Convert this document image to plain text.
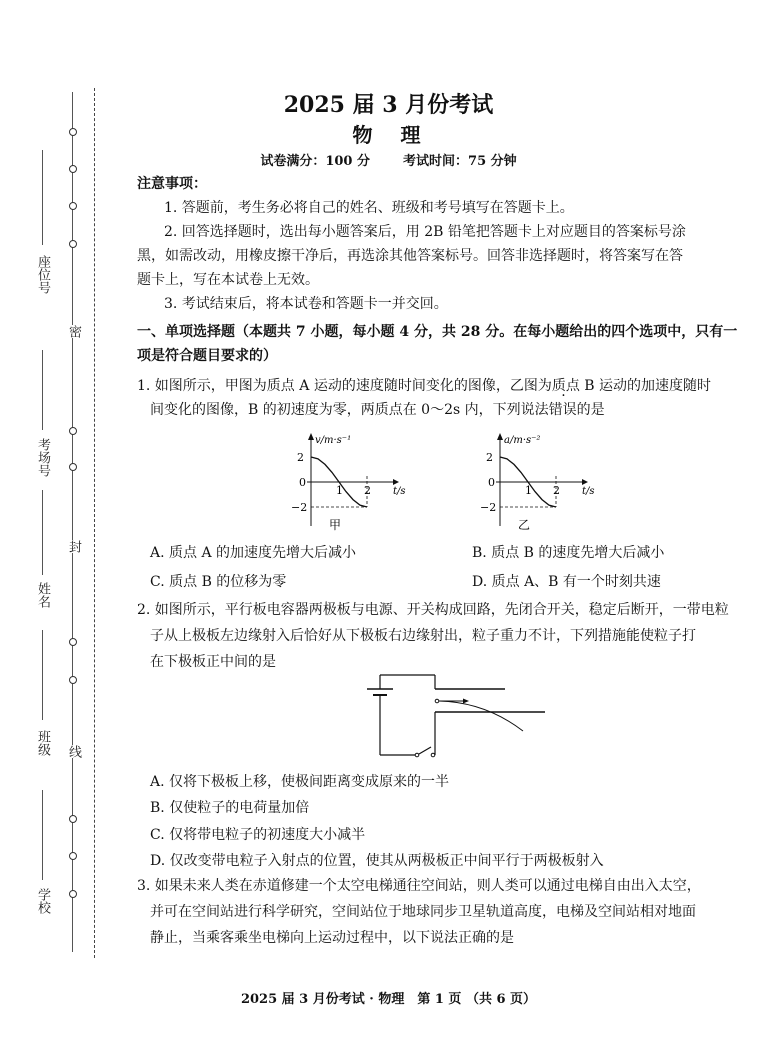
座位号
密
考场号
封
姓名
班级 线
学校
2025 届 3 月份考试
物　理
试卷满分：100 分	考试时间：75 分钟
注意事项：
1. 答题前，考生务必将自己的姓名、班级和考号填写在答题卡上。
2. 回答选择题时，选出每小题答案后，用 2B 铅笔把答题卡上对应题目的答案标号涂
黑，如需改动，用橡皮擦干净后，再选涂其他答案标号。回答非选择题时，将答案写在答
题卡上，写在本试卷上无效。
3. 考试结束后，将本试卷和答题卡一并交回。
一、单项选择题（本题共 7 小题，每小题 4 分，共 28 分。在每小题给出的四个选项中，只有一
项是符合题目要求的）
1. 如图所示，甲图为质点 A 运动的速度随时间变化的图像，乙图为质点 B 运动的加速度随时
间变化的图像，B 的初速度为零，两质点在 0～2s 内，下列说法错误的是
v/m·s⁻¹
t/s
2
0
−2
1 2
甲
a/m·s⁻²
t/s
2
0
−2
1 2
乙
A. 质点 A 的加速度先增大后减小	B. 质点 B 的速度先增大后减小
C. 质点 B 的位移为零	D. 质点 A、B 有一个时刻共速
2. 如图所示，平行板电容器两极板与电源、开关构成回路，先闭合开关，稳定后断开，一带电粒
子从上极板左边缘射入后恰好从下极板右边缘射出，粒子重力不计，下列措施能使粒子打
在下极板正中间的是
A. 仅将下极板上移，使极间距离变成原来的一半
B. 仅使粒子的电荷量加倍
C. 仅将带电粒子的初速度大小减半
D. 仅改变带电粒子入射点的位置，使其从两极板正中间平行于两极板射入
3. 如果未来人类在赤道修建一个太空电梯通往空间站，则人类可以通过电梯自由出入太空，
并可在空间站进行科学研究，空间站位于地球同步卫星轨道高度，电梯及空间站相对地面
静止，当乘客乘坐电梯向上运动过程中，以下说法正确的是
2025 届 3 月份考试 · 物理　第 1 页 （共 6 页）
